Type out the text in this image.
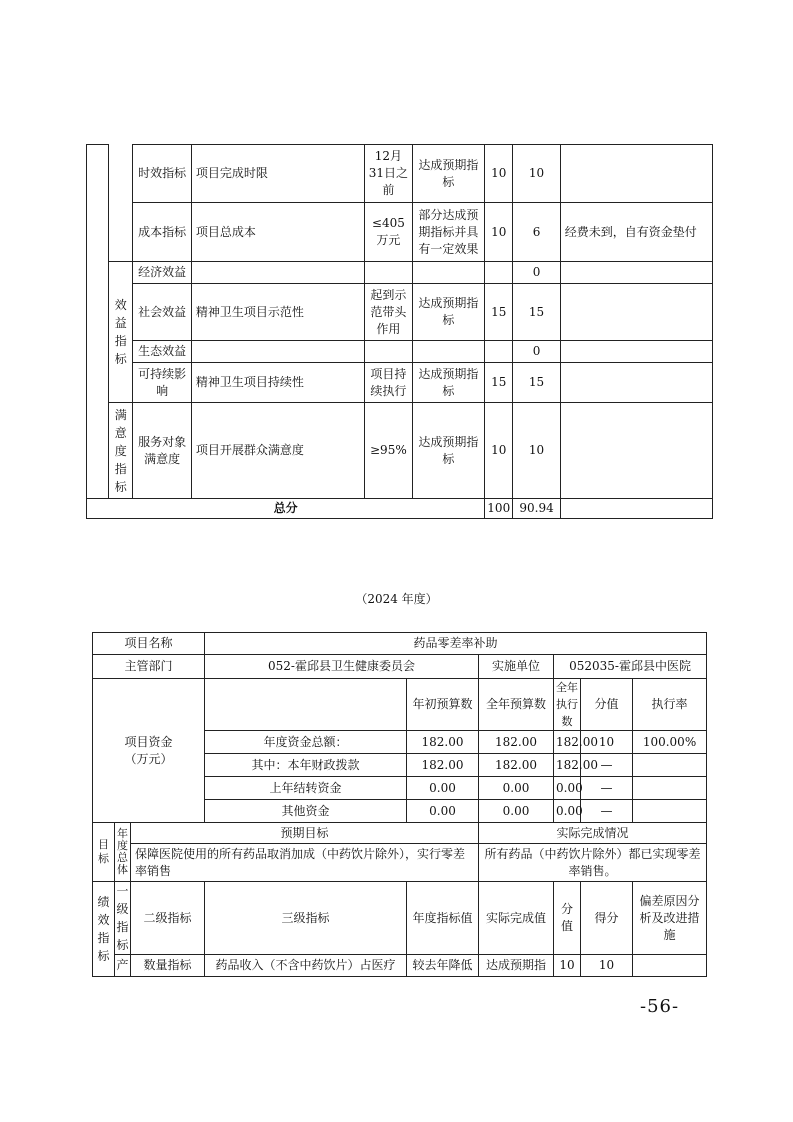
		时效指标	项目完成时限	12月31日之前	达成预期指标	10	10	
		成本指标	项目总成本	≤405万元	部分达成预期指标并具有一定效果	10	6	经费未到，自有资金垫付
	效益指标	经济效益					0	
		社会效益	精神卫生项目示范性	起到示范带头作用	达成预期指标	15	15	
		生态效益					0	
		可持续影响	精神卫生项目持续性	项目持续执行	达成预期指标	15	15	
	满意度指标	服务对象满意度	项目开展群众满意度	≥95%	达成预期指标	10	10	

总分						100	90.94	
（2024 年度）
项目名称			药品零差率补助						
主管部门			052-霍邱县卫生健康委员会		实施单位	052035-霍邱县中医院			
项目资金（万元）				年初预算数	全年预算数	全年执行数	分值	执行率	
			年度资金总额：	182.00	182.00	182.00	10	100.00%	
			其中：本年财政拨款	182.00	182.00	182.00	—		
			上年结转资金	0.00	0.00	0.00	—		
			其他资金	0.00	0.00	0.00	—		
目标	年度总体	预期目标			实际完成情况				
		保障医院使用的所有药品取消加成（中药饮片除外），实行零差率销售			所有药品（中药饮片除外）都已实现零差率销售。				
绩效指标	一级指标	二级指标	三级指标	年度指标值	实际完成值	分值	得分	偏差原因分析及改进措施	
	产	数量指标	药品收入（不含中药饮片）占医疗	较去年降低	达成预期指	10	10		
-56-
